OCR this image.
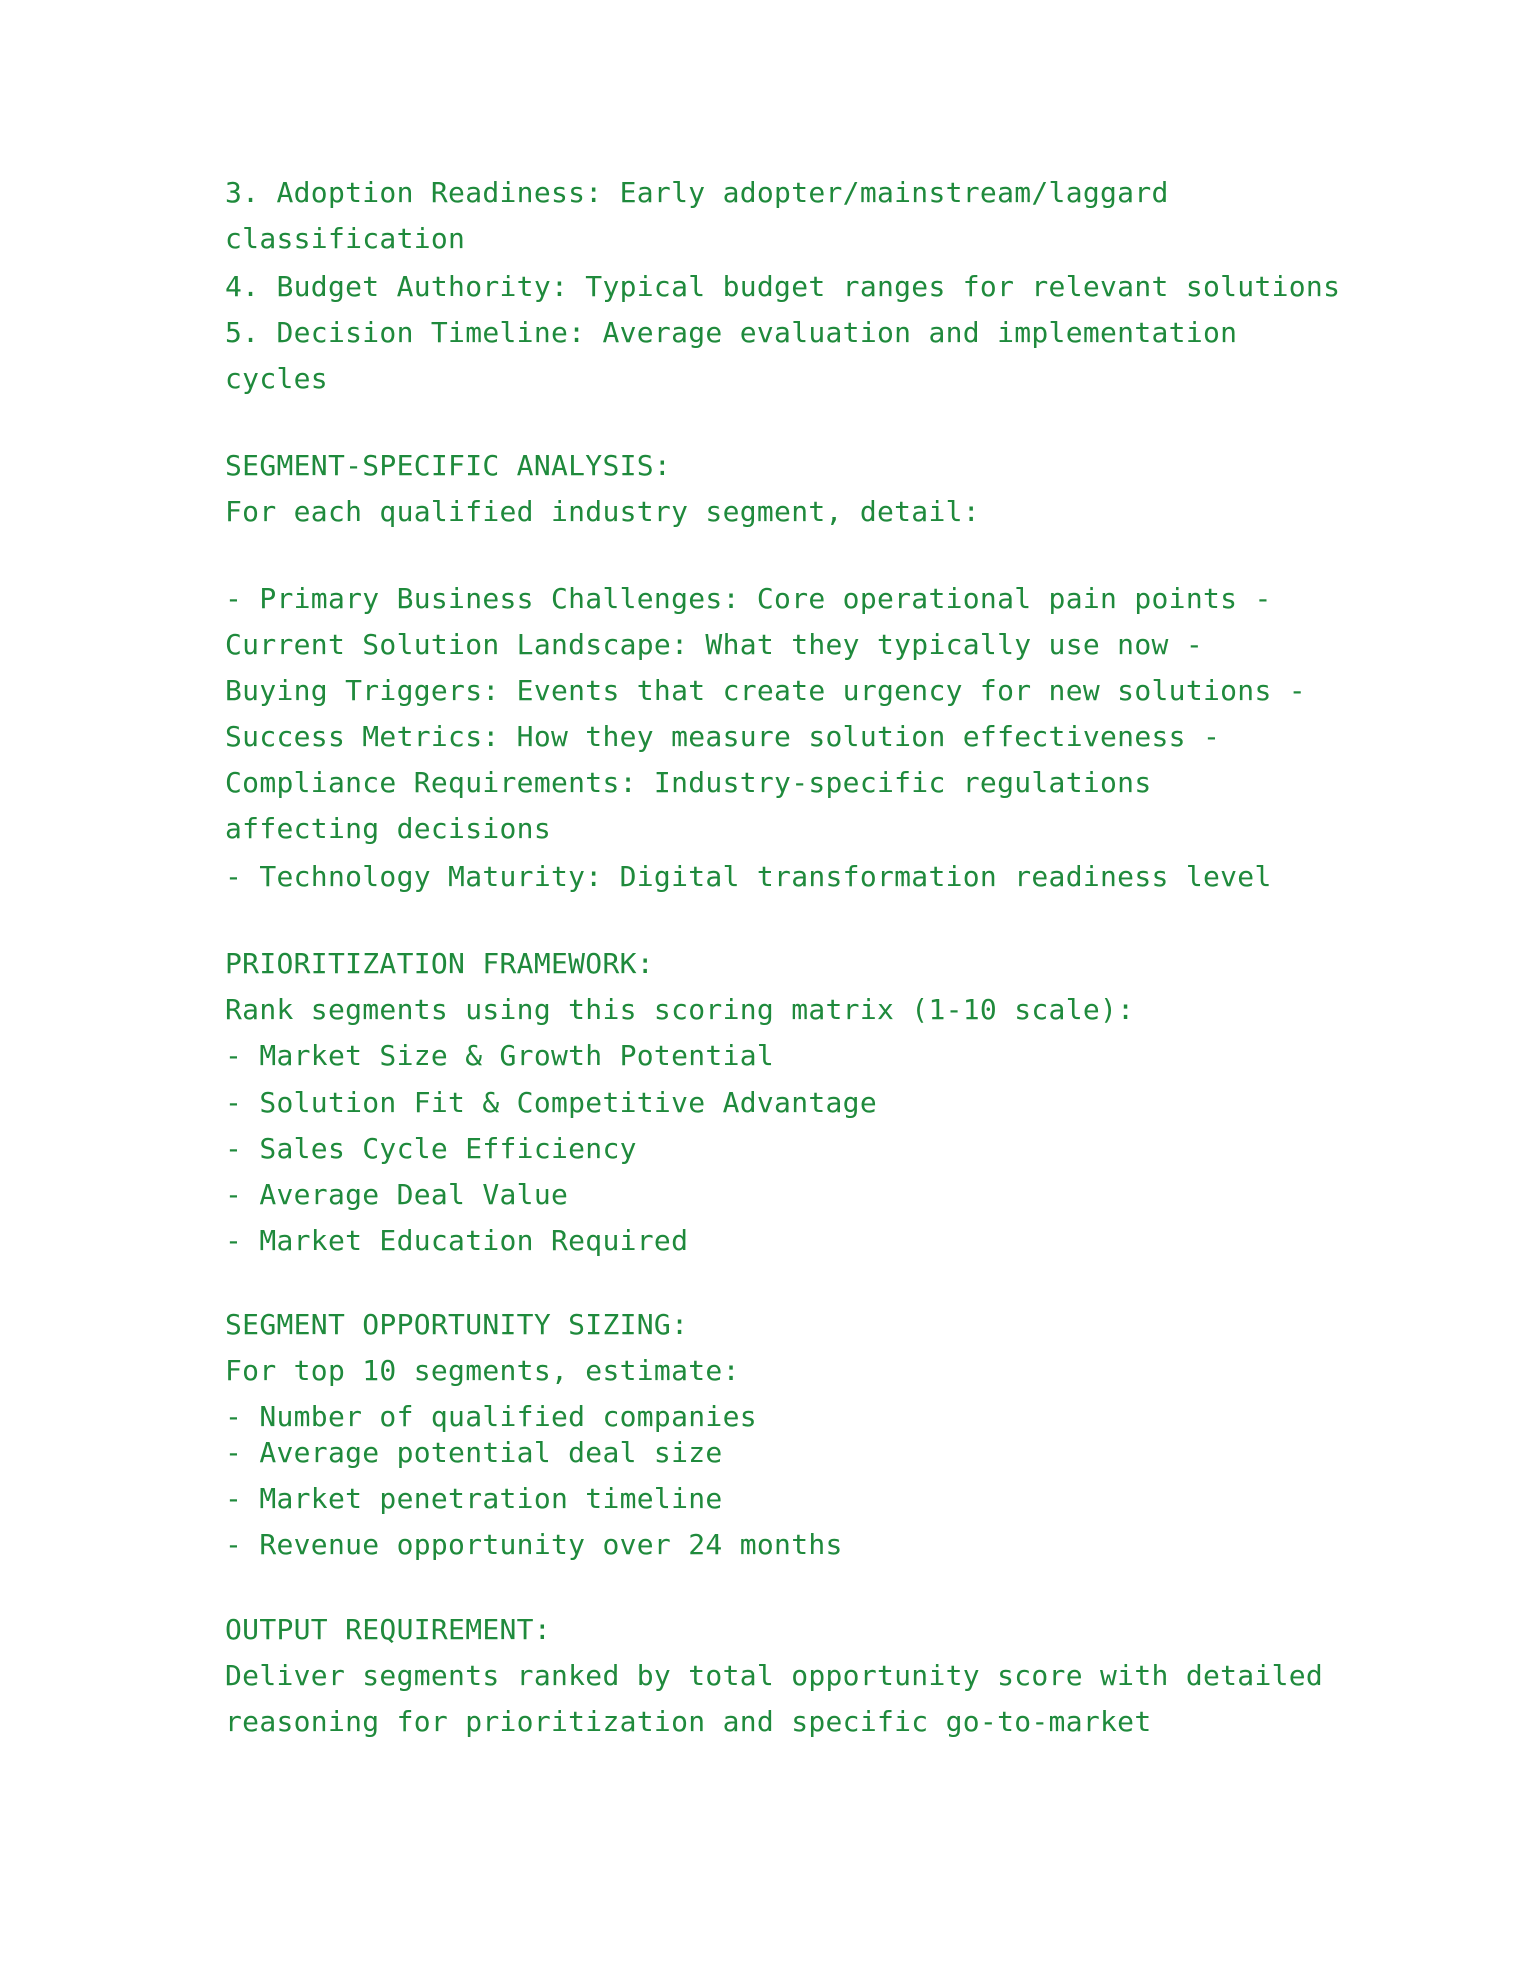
3. Adoption Readiness: Early adopter/mainstream/laggard

classification

4. Budget Authority: Typical budget ranges for relevant solutions

5. Decision Timeline: Average evaluation and implementation

cycles

SEGMENT-SPECIFIC ANALYSIS:

For each qualified industry segment, detail:

- Primary Business Challenges: Core operational pain points -

Current Solution Landscape: What they typically use now -

Buying Triggers: Events that create urgency for new solutions -

Success Metrics: How they measure solution effectiveness -

Compliance Requirements: Industry-specific regulations

affecting decisions

- Technology Maturity: Digital transformation readiness level

PRIORITIZATION FRAMEWORK:

Rank segments using this scoring matrix (1-10 scale):

- Market Size & Growth Potential

- Solution Fit & Competitive Advantage

- Sales Cycle Efficiency

- Average Deal Value

- Market Education Required

SEGMENT OPPORTUNITY SIZING:

For top 10 segments, estimate:

- Number of qualified companies

- Average potential deal size

- Market penetration timeline

- Revenue opportunity over 24 months

OUTPUT REQUIREMENT:

Deliver segments ranked by total opportunity score with detailed

reasoning for prioritization and specific go-to-market
